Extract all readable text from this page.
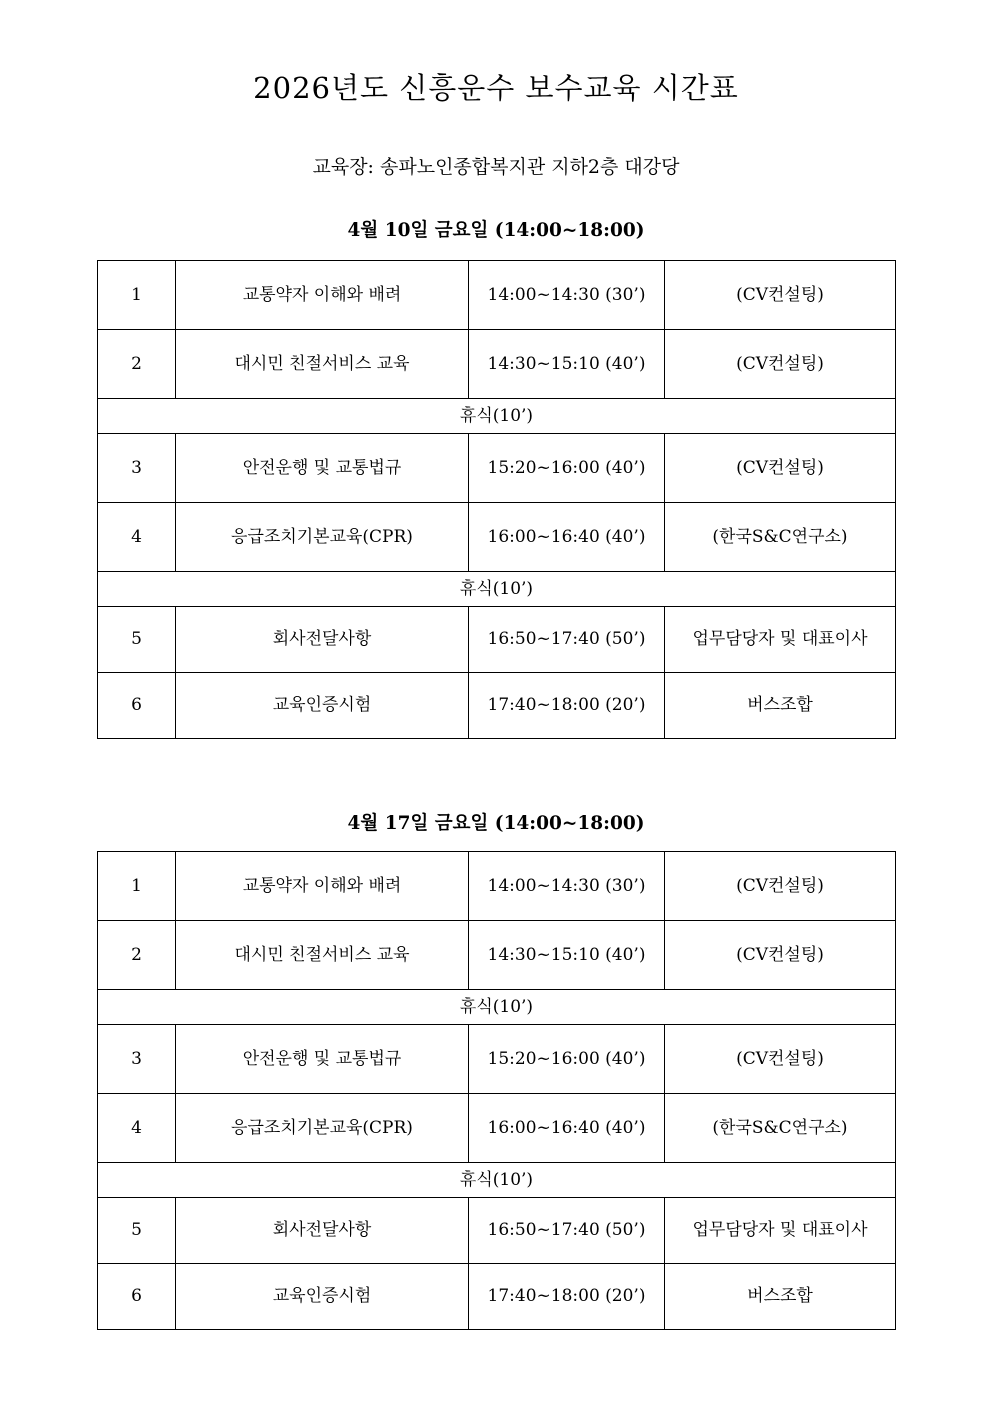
2026년도 신흥운수 보수교육 시간표
교육장: 송파노인종합복지관 지하2층 대강당
4월 10일 금요일 (14:00~18:00)
1	교통약자 이해와 배려	14:00~14:30 (30’)	(CV컨설팅)
2	대시민 친절서비스 교육	14:30~15:10 (40’)	(CV컨설팅)
휴식(10’)			
3	안전운행 및 교통법규	15:20~16:00 (40’)	(CV컨설팅)
4	응급조치기본교육(CPR)	16:00~16:40 (40’)	(한국S&C연구소)
휴식(10’)			
5	회사전달사항	16:50~17:40 (50’)	업무담당자 및 대표이사
6	교육인증시험	17:40~18:00 (20’)	버스조합
4월 17일 금요일 (14:00~18:00)
1	교통약자 이해와 배려	14:00~14:30 (30’)	(CV컨설팅)
2	대시민 친절서비스 교육	14:30~15:10 (40’)	(CV컨설팅)
휴식(10’)			
3	안전운행 및 교통법규	15:20~16:00 (40’)	(CV컨설팅)
4	응급조치기본교육(CPR)	16:00~16:40 (40’)	(한국S&C연구소)
휴식(10’)			
5	회사전달사항	16:50~17:40 (50’)	업무담당자 및 대표이사
6	교육인증시험	17:40~18:00 (20’)	버스조합
